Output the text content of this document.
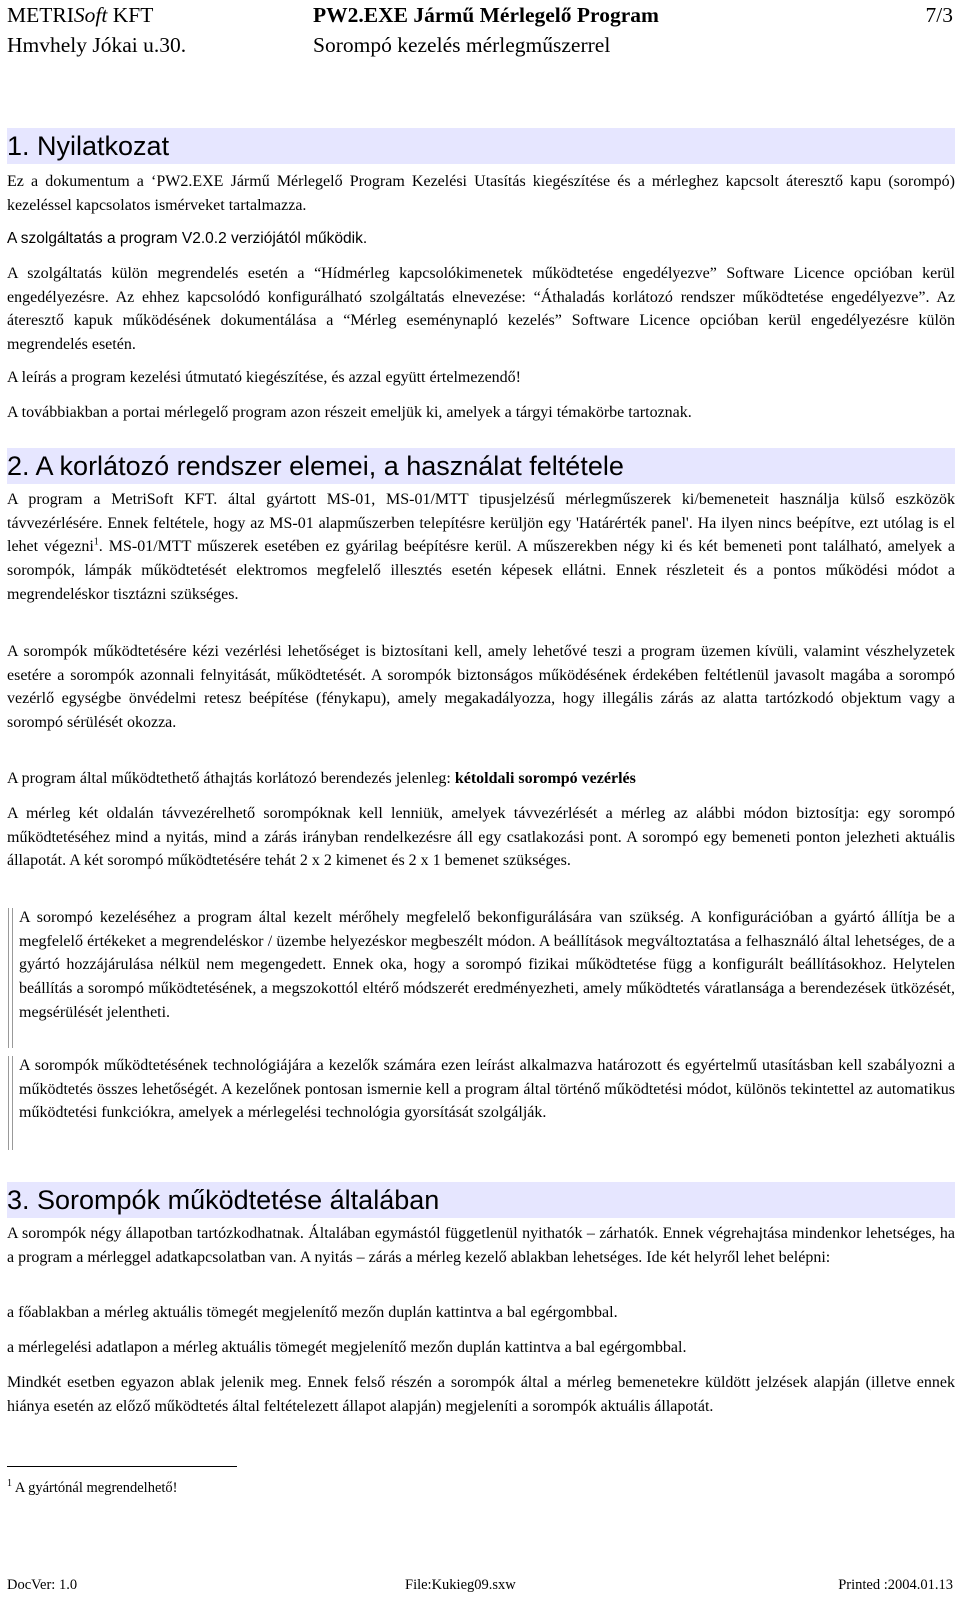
METRISoft KFT	PW2.EXE Jármű Mérlegelő Program	7/3
Hmvhely Jókai u.30.	Sorompó kezelés mérlegműszerrel
1. Nyilatkozat
Ez a dokumentum a ‘PW2.EXE Jármű Mérlegelő Program Kezelési Utasítás kiegészítése és a mérleghez kapcsolt áteresztő kapu (sorompó) kezeléssel kapcsolatos ismérveket tartalmazza.
A szolgáltatás a program V2.0.2 verziójától működik.
A szolgáltatás külön megrendelés esetén a “Hídmérleg kapcsolókimenetek működtetése engedélyezve” Software Licence opcióban kerül engedélyezésre. Az ehhez kapcsolódó konfigurálható szolgáltatás elnevezése: “Áthaladás korlátozó rendszer működtetése engedélyezve”. Az áteresztő kapuk működésének dokumentálása a “Mérleg eseménynapló kezelés” Software Licence opcióban kerül engedélyezésre külön megrendelés esetén.
A leírás a program kezelési útmutató kiegészítése, és azzal együtt értelmezendő!
A továbbiakban a portai mérlegelő program azon részeit emeljük ki, amelyek a tárgyi témakörbe tartoznak.
2. A korlátozó rendszer elemei, a használat feltétele
A program a MetriSoft KFT. által gyártott MS-01, MS-01/MTT tipusjelzésű mérlegműszerek ki/bemeneteit használja külső eszközök távvezérlésére. Ennek feltétele, hogy az MS-01 alapműszerben telepítésre kerüljön egy 'Határérték panel'. Ha ilyen nincs beépítve, ezt utólag is el lehet végezni$^1$. MS-01/MTT műszerek esetében ez gyárilag beépítésre kerül. A műszerekben négy ki és két bemeneti pont található, amelyek a sorompók, lámpák működtetését elektromos megfelelő illesztés esetén képesek ellátni. Ennek részleteit és a pontos működési módot a megrendeléskor tisztázni szükséges.
A sorompók működtetésére kézi vezérlési lehetőséget is biztosítani kell, amely lehetővé teszi a program üzemen kívüli, valamint vészhelyzetek esetére a sorompók azonnali felnyitását, működtetését. A sorompók biztonságos működésének érdekében feltétlenül javasolt magába a sorompó vezérlő egységbe önvédelmi retesz beépítése (fénykapu), amely megakadályozza, hogy illegális zárás az alatta tartózkodó objektum vagy a sorompó sérülését okozza.
A program által működtethető áthajtás korlátozó berendezés jelenleg: kétoldali sorompó vezérlés
A mérleg két oldalán távvezérelhető sorompóknak kell lenniük, amelyek távvezérlését a mérleg az alábbi módon biztosítja: egy sorompó működtetéséhez mind a nyitás, mind a zárás irányban rendelkezésre áll egy csatlakozási pont. A sorompó egy bemeneti ponton jelezheti aktuális állapotát. A két sorompó működtetésére tehát 2 x 2 kimenet és 2 x 1 bemenet szükséges.
A sorompó kezeléséhez a program által kezelt mérőhely megfelelő bekonfigurálására van szükség. A konfigurációban a gyártó állítja be a megfelelő értékeket a megrendeléskor / üzembe helyezéskor megbeszélt módon. A beállítások megváltoztatása a felhasználó által lehetséges, de a gyártó hozzájárulása nélkül nem megengedett. Ennek oka, hogy a sorompó fizikai működtetése függ a konfigurált beállításokhoz. Helytelen beállítás a sorompó működtetésének, a megszokottól eltérő módszerét eredményezheti, amely működtetés váratlansága a berendezések ütközését, megsérülését jelentheti.
A sorompók működtetésének technológiájára a kezelők számára ezen leírást alkalmazva határozott és egyértelmű utasításban kell szabályozni a működtetés összes lehetőségét. A kezelőnek pontosan ismernie kell a program által történő működtetési módot, különös tekintettel az automatikus működtetési funkciókra, amelyek a mérlegelési technológia gyorsítását szolgálják.
3. Sorompók működtetése általában
A sorompók négy állapotban tartózkodhatnak. Általában egymástól függetlenül nyithatók – zárhatók. Ennek végrehajtása mindenkor lehetséges, ha a program a mérleggel adatkapcsolatban van. A nyitás – zárás a mérleg kezelő ablakban lehetséges. Ide két helyről lehet belépni:
a főablakban a mérleg aktuális tömegét megjelenítő mezőn duplán kattintva a bal egérgombbal.
a mérlegelési adatlapon a mérleg aktuális tömegét megjelenítő mezőn duplán kattintva a bal egérgombbal.
Mindkét esetben egyazon ablak jelenik meg. Ennek felső részén a sorompók által a mérleg bemenetekre küldött jelzések alapján (illetve ennek hiánya esetén az előző működtetés által feltételezett állapot alapján) megjeleníti a sorompók aktuális állapotát.
$^1$ A gyártónál megrendelhető!
DocVer: 1.0	File:Kukieg09.sxw	Printed :2004.01.13
